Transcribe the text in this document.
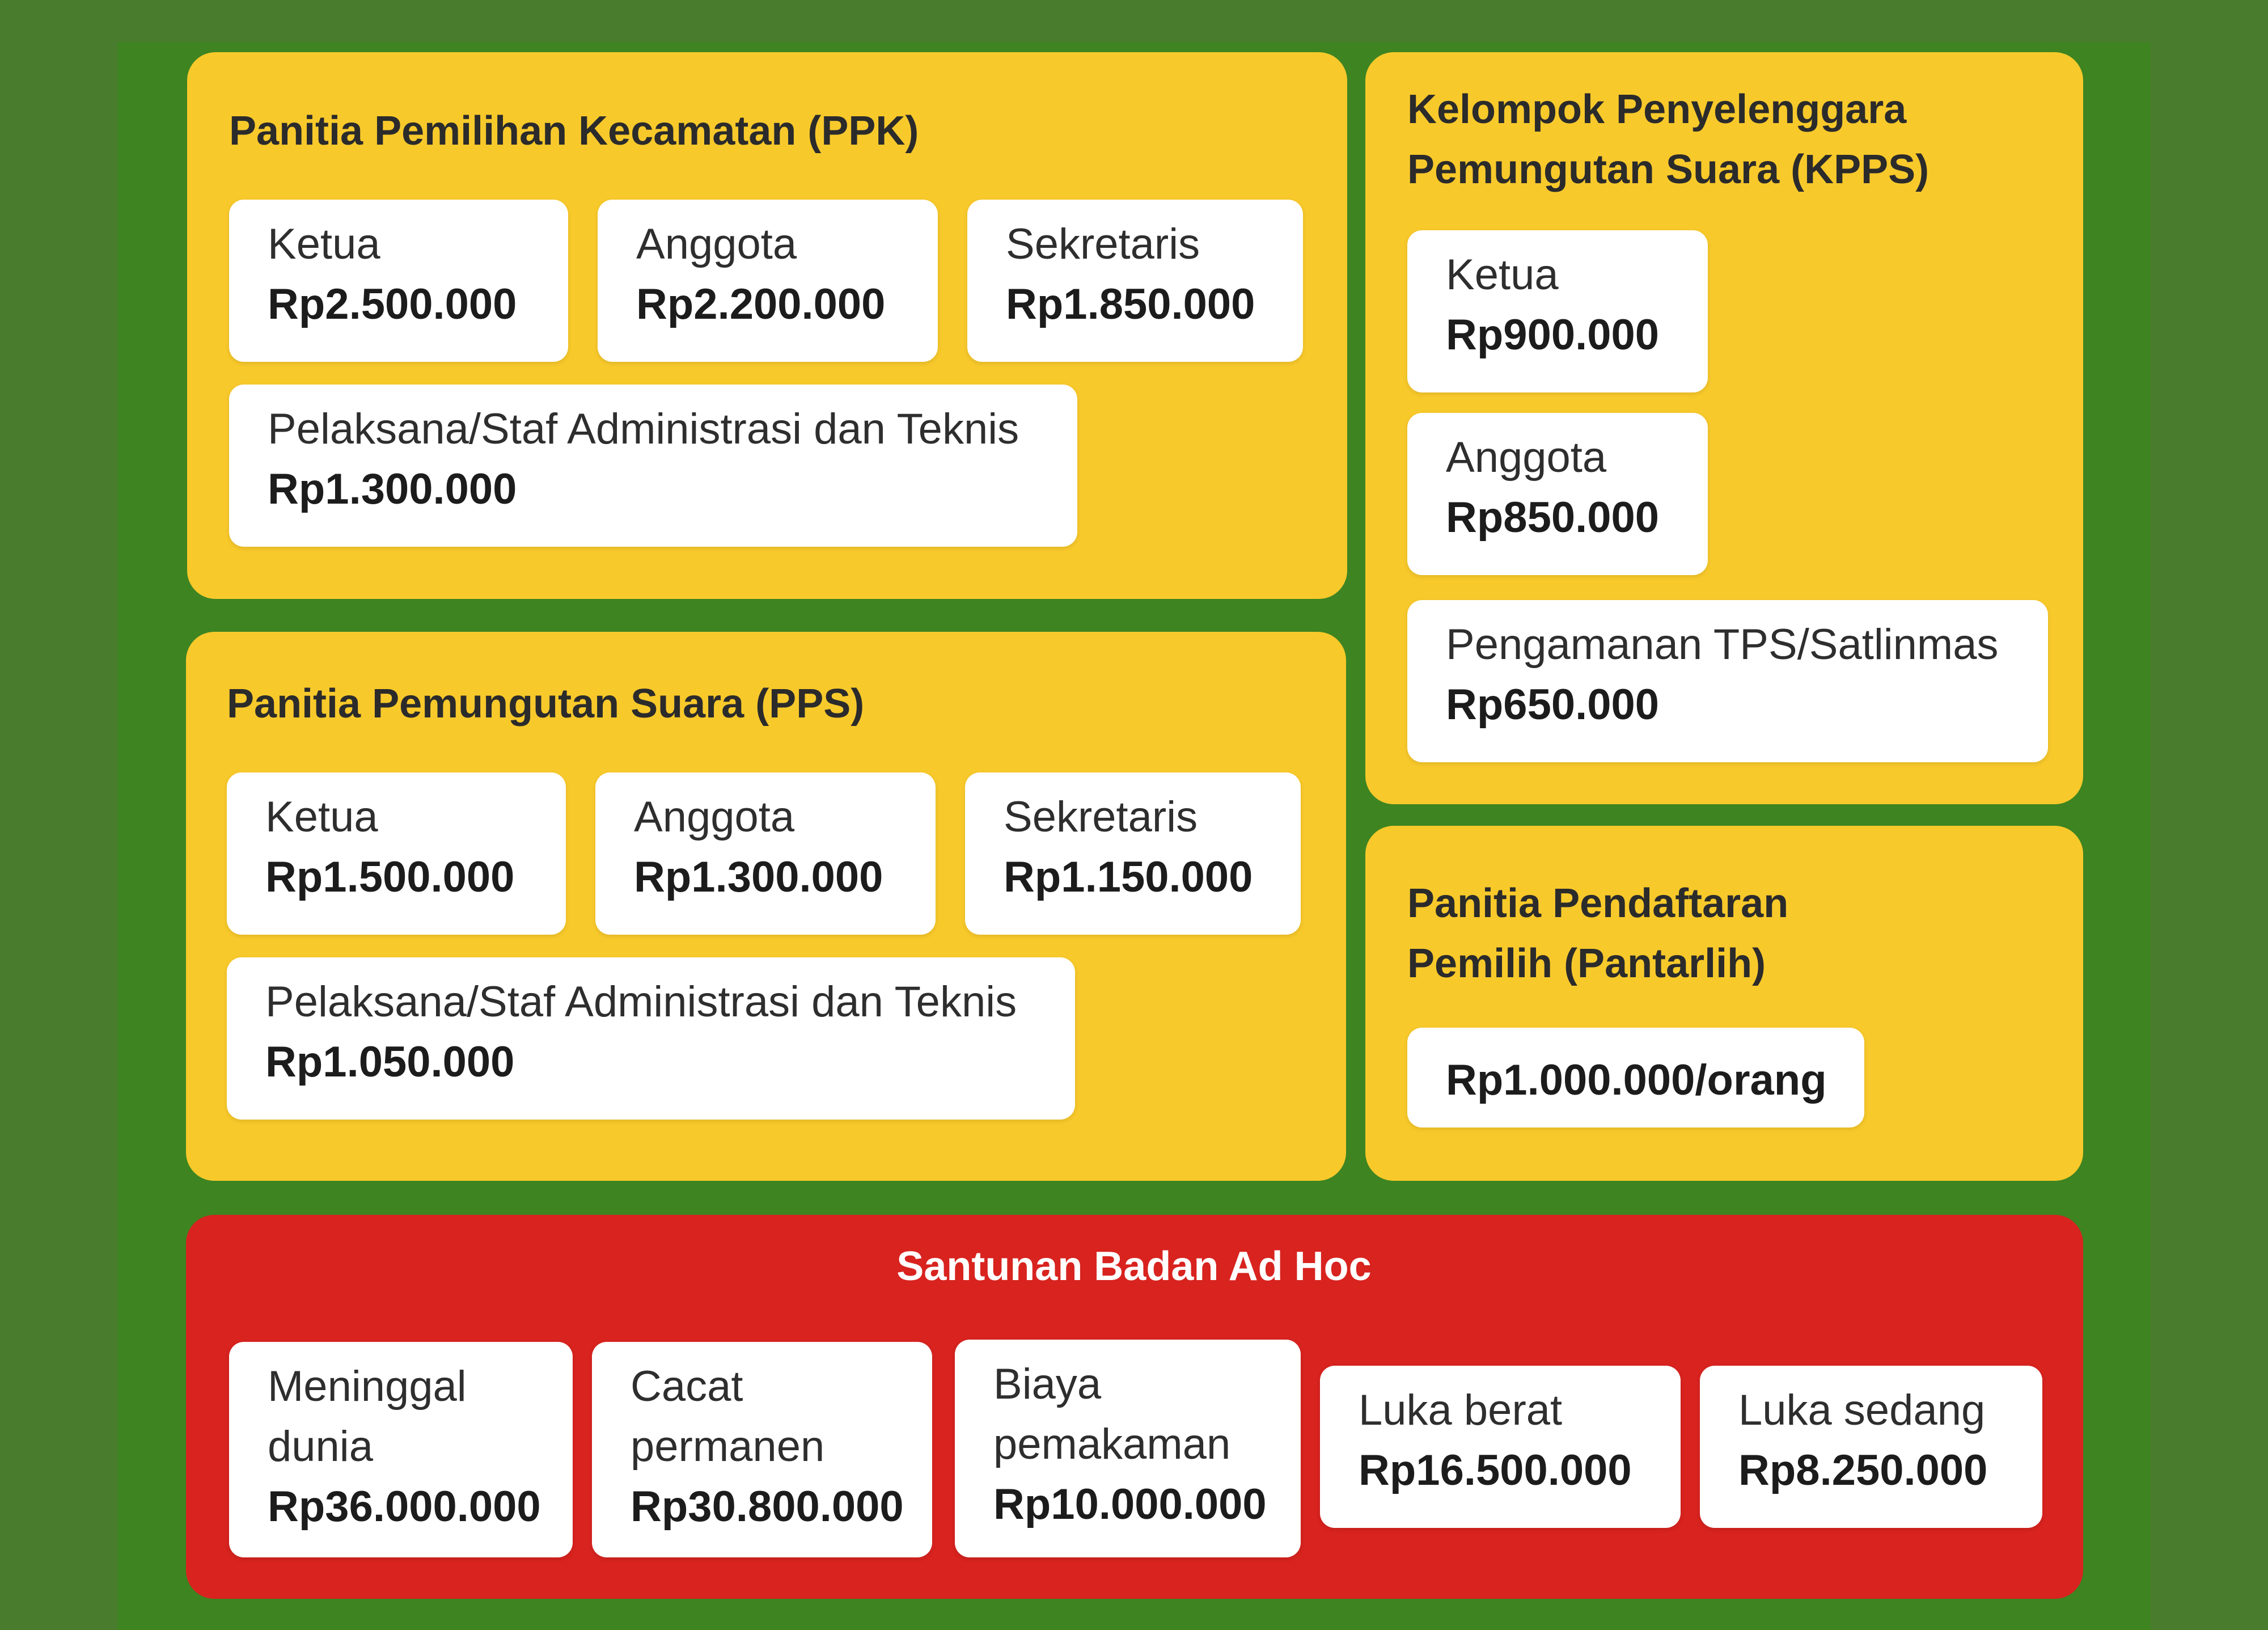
Panitia Pemilihan Kecamatan (PPK)
Ketua
Rp2.500.000
Anggota
Rp2.200.000
Sekretaris
Rp1.850.000
Pelaksana/Staf Administrasi dan Teknis
Rp1.300.000
Panitia Pemungutan Suara (PPS)
Ketua
Rp1.500.000
Anggota
Rp1.300.000
Sekretaris
Rp1.150.000
Pelaksana/Staf Administrasi dan Teknis
Rp1.050.000
Kelompok Penyelenggara
Pemungutan Suara (KPPS)
Ketua
Rp900.000
Anggota
Rp850.000
Pengamanan TPS/Satlinmas
Rp650.000
Panitia Pendaftaran
Pemilih (Pantarlih)
Rp1.000.000/orang
Santunan Badan Ad Hoc
Meninggal
dunia
Rp36.000.000
Cacat
permanen
Rp30.800.000
Biaya
pemakaman
Rp10.000.000
Luka berat
Rp16.500.000
Luka sedang
Rp8.250.000
